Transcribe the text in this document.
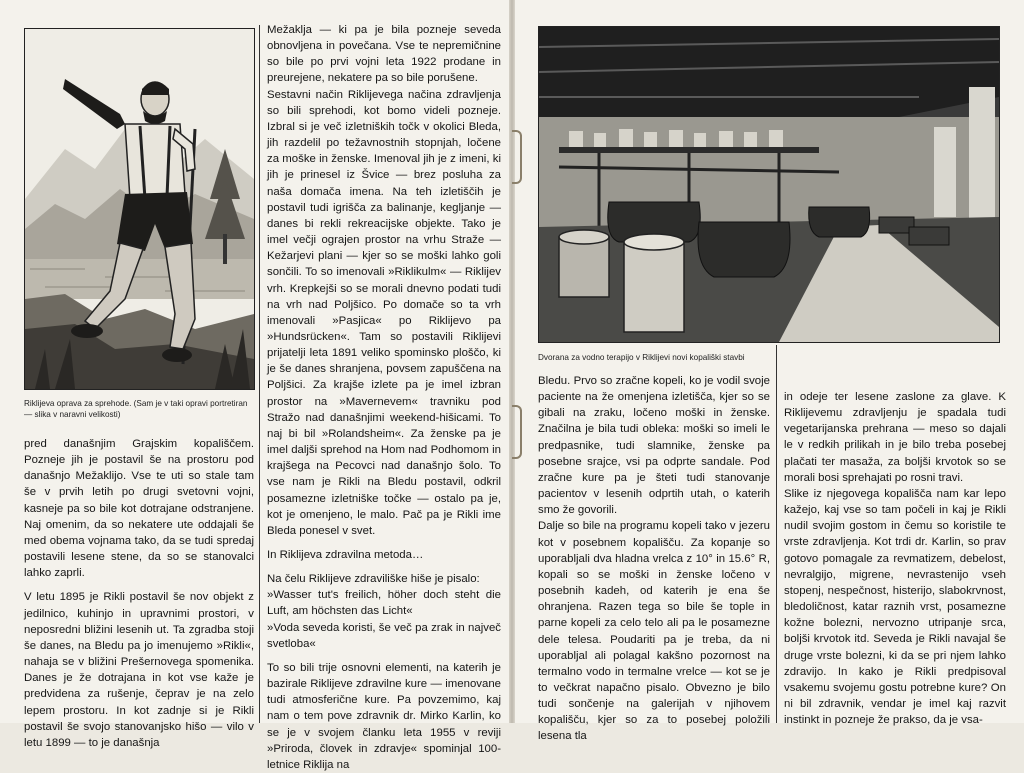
Riklijeva oprava za sprehode. (Sam je v taki opravi portretiran — slika v naravni velikosti)

pred današnjim Grajskim kopališčem. Pozneje jih je postavil še na prostoru pod današnjo Mežaklijo. Vse te uti so stale tam še v prvih letih po drugi svetovni vojni, kasneje pa so bile kot dotrajane odstranjene. Naj omenim, da so nekatere ute oddajali še med obema vojnama tako, da se tudi spredaj postavili lesene stene, da so se stanovalci lahko zaprli.

V letu 1895 je Rikli postavil še nov objekt z jedilnico, kuhinjo in upravnimi prostori, v neposredni bližini lesenih ut. Ta zgradba stoji še danes, na Bledu pa jo imenujemo »Rikli«, nahaja se v bližini Prešernovega spomenika. Danes je že dotrajana in kot vse kaže je predvidena za rušenje, čeprav je na zelo lepem prostoru. In kot zadnje si je Rikli postavil še svojo stanovanjsko hišo — vilo v letu 1899 — to je današnja

Mežaklja — ki pa je bila pozneje seveda obnovljena in povečana. Vse te nepremičnine so bile po prvi vojni leta 1922 prodane in preurejene, nekatere pa so bile porušene.

Sestavni način Riklijevega načina zdravljenja so bili sprehodi, kot bomo videli pozneje. Izbral si je več izletniških točk v okolici Bleda, jih razdelil po težavnostnih stopnjah, ločene za moške in ženske. Imenoval jih je z imeni, ki jih je prinesel iz Švice — brez posluha za naša domača imena. Na teh izletiščih je postavil tudi igrišča za balinanje, kegljanje — danes bi rekli rekreacijske objekte. Tako je imel večji ograjen prostor na vrhu Straže — Kežarjevi plani — kjer so se moški lahko goli sončili. To so imenovali »Riklikulm« — Riklijev vrh. Krepkejši so se morali dnevno podati tudi na vrh nad Poljšico. Po domače so ta vrh imenovali »Pasjica« po Riklijevo pa »Hundsrücken«. Tam so postavili Riklijevi prijatelji leta 1891 veliko spominsko ploščo, ki je še danes shranjena, povsem zapuščena na Poljšici. Za krajše izlete pa je imel izbran prostor na »Mavernevem« travniku pod Stražo nad današnjimi weekend-hišicami. To naj bi bil »Rolandsheim«. Za ženske pa je imel daljši sprehod na Hom nad Podhomom in krajšega na Pecovci nad današnjo šolo. To vse nam je Rikli na Bledu postavil, odkril posamezne izletniške točke — ostalo pa je, kot je omenjeno, le malo. Pač pa je Rikli ime Bleda ponesel v svet.

In Riklijeva zdravilna metoda…

Na čelu Riklijeve zdraviliške hiše je pisalo:

»Wasser tut's freilich, höher doch steht die Luft, am höchsten das Licht«

»Voda seveda koristi, še več pa zrak in največ svetloba«

To so bili trije osnovni elementi, na katerih je bazirale Riklijeve zdravilne kure — imenovane tudi atmosferične kure. Pa povzemimo, kaj nam o tem pove zdravnik dr. Mirko Karlin, ko se je v svojem članku leta 1955 v reviji »Priroda, človek in zdravje« spominjal 100-letnice Riklija na

Dvorana za vodno terapijo v Riklijevi novi kopališki stavbi

Bledu. Prvo so zračne kopeli, ko je vodil svoje paciente na že omenjena izletišča, kjer so se gibali na zraku, ločeno moški in ženske. Značilna je bila tudi obleka: moški so imeli le predpasnike, tudi slamnike, ženske pa posebne srajce, vsi pa odprte sandale. Pod zračne kure pa je šteti tudi stanovanje pacientov v lesenih odprtih utah, o katerih smo že govorili.

Dalje so bile na programu kopeli tako v jezeru kot v posebnem kopališču. Za kopanje so uporabljali dva hladna vrelca z 10° in 15.6° R, kopali so se moški in ženske ločeno v posebnih kadeh, od katerih je ena še ohranjena. Razen tega so bile še tople in parne kopeli za celo telo ali pa le posamezne dele telesa. Poudariti pa je treba, da ni uporabljal ali polagal kakšno pozornost na termalno vodo in termalne vrelce — kot se je to večkrat napačno pisalo. Obvezno je bilo tudi sončenje na galerijah v njihovem kopališču, kjer so za to posebej položili lesena tla

in odeje ter lesene zaslone za glave. K Riklijevemu zdravljenju je spadala tudi vegetarijanska prehrana — meso so dajali le v redkih prilikah in je bilo treba posebej plačati ter masaža, za boljši krvotok so se morali bosi sprehajati po rosni travi.

Slike iz njegovega kopališča nam kar lepo kažejo, kaj vse so tam počeli in kaj je Rikli nudil svojim gostom in čemu so koristile te vrste zdravljenja. Kot trdi dr. Karlin, so prav gotovo pomagale za revmatizem, debelost, nevralgijo, migrene, nevrastenijo vseh stopenj, nespečnost, histerijo, slabokrvnost, bledoličnost, katar raznih vrst, posamezne kožne bolezni, nervozno utripanje srca, boljši krvotok itd. Seveda je Rikli navajal še druge vrste bolezni, ki da se pri njem lahko zdravijo. In kako je Rikli predpisoval vsakemu svojemu gostu potrebne kure? On ni bil zdravnik, vendar je imel kaj razvit instinkt in pozneje že prakso, da je vsa-
